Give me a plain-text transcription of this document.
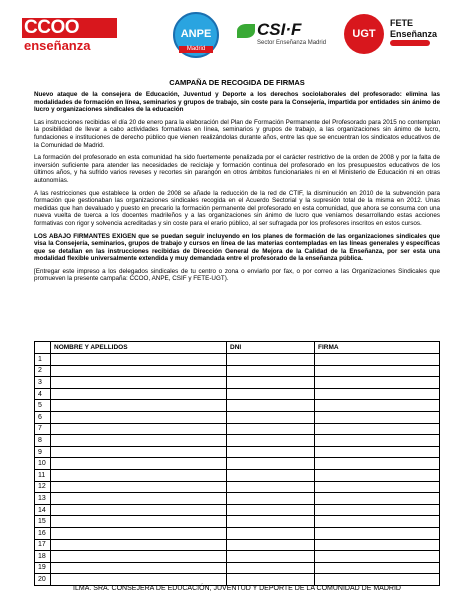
CCOO
enseñanza
ANPE
Madrid
CSI·F
Sector Enseñanza Madrid
UGT
FETE
Enseñanza
CAMPAÑA DE RECOGIDA DE FIRMAS

Nuevo ataque de la consejera de Educación, Juventud y Deporte a los derechos sociolaborales del profesorado: elimina las modalidades de formación en línea, seminarios y grupos de trabajo, sin coste para la Consejería, impartida por entidades sin ánimo de lucro y organizaciones sindicales de la educación

Las instrucciones recibidas el día 20 de enero para la elaboración del Plan de Formación Permanente del Profesorado para 2015 no contemplan la posibilidad de llevar a cabo actividades formativas en línea, seminarios y grupos de trabajo, a las organizaciones sin ánimo de lucro, fundaciones e instituciones de derecho público que vienen realizándolas durante años, entre las que se encuentran los sindicatos educativos de la Comunidad de Madrid.

La formación del profesorado en esta comunidad ha sido fuertemente penalizada por el carácter restrictivo de la orden de 2008 y por la falta de inversión suficiente para atender las necesidades de reciclaje y formación continua del profesorado en los presupuestos educativos de los últimos años, y ha sufrido varios reveses y recortes sin parangón en otros ámbitos funcionariales ni en el Ministerio de Educación ni en otras autonomías.

A las restricciones que establece la orden de 2008 se añade la reducción de la red de CTIF, la disminución en 2010 de la subvención para formación que gestionaban las organizaciones sindicales recogida en el Acuerdo Sectorial y la supresión total de la misma en 2012. Unas medidas que han devaluado y puesto en precario la formación permanente del profesorado en esta comunidad, que ahora se consuma con una nueva vuelta de tuerca a los docentes madrileños y a las organizaciones sin ánimo de lucro que veníamos desarrollando estas acciones formativas con rigor y solvencia acreditadas y sin coste para el erario público, al ser sufragada por los profesores inscritos en estos cursos.

LOS ABAJO FIRMANTES EXIGEN que se puedan seguir incluyendo en los planes de formación de las organizaciones sindicales que visa la Consejería, seminarios, grupos de trabajo y cursos en línea de las materias contempladas en las líneas generales y específicas que se detallan en las instrucciones recibidas de Dirección General de Mejora de la Calidad de la Enseñanza, por ser esta una modalidad flexible universalmente extendida y muy demandada entre el profesorado de la enseñanza pública.

[Entregar este impreso a los delegados sindicales de tu centro o zona o enviarlo por fax, o por correo a las Organizaciones Sindicales que promueven la presente campaña: CCOO, ANPE, CSIF y FETE-UGT).

	NOMBRE Y APELLIDOS	DNI	FIRMA
1			
2			
3			
4			
5			
6			
7			
8			
9			
10			
11			
12			
13			
14			
15			
16			
17			
18			
19			
20			
ILMA. SRA. CONSEJERA DE EDUCACIÓN, JUVENTUD Y DEPORTE DE LA COMUNIDAD DE MADRID
